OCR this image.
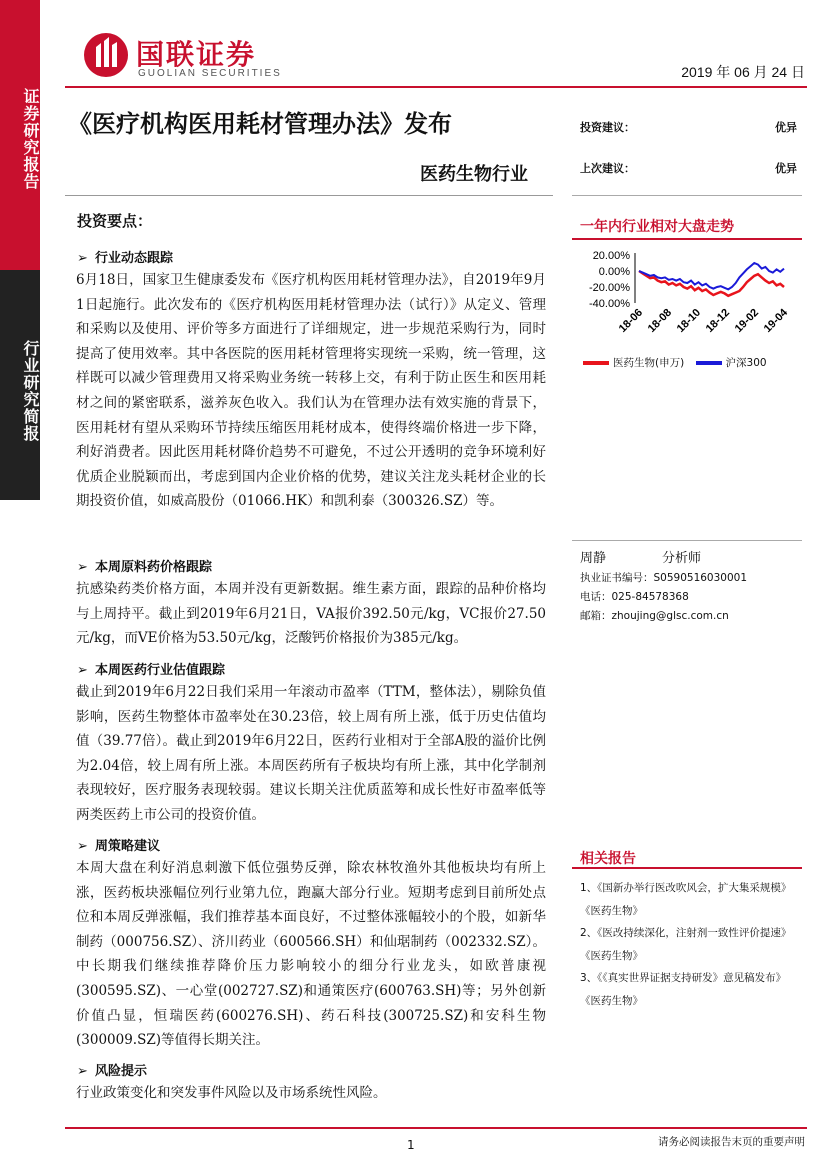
证券研究报告
行业研究简报
国联证券
GUOLIAN SECURITIES	2019 年 06 月 24 日
《医疗机构医用耗材管理办法》发布
医药生物行业
投资建议：	优异
上次建议：	优异
一年内行业相对大盘走势
20.00%
0.00%
-20.00%
-40.00%
18-06 18-08 18-10 18-12 19-02 19-04
医药生物(申万)	沪深300
周静	分析师
执业证书编号：S0590516030001
电话：025-84578368
邮箱：zhoujing@glsc.com.cn
相关报告
1、《国新办举行医改吹风会，扩大集采规模》
《医药生物》
2、《医改持续深化，注射剂一致性评价提速》
《医药生物》
3、《《真实世界证据支持研发》意见稿发布》
《医药生物》
投资要点：
➢ 行业动态跟踪
6月18日，国家卫生健康委发布《医疗机构医用耗材管理办法》，自2019年9月1日起施行。此次发布的《医疗机构医用耗材管理办法（试行）》从定义、管理和采购以及使用、评价等多方面进行了详细规定，进一步规范采购行为，同时提高了使用效率。其中各医院的医用耗材管理将实现统一采购，统一管理，这样既可以减少管理费用又将采购业务统一转移上交，有利于防止医生和医用耗材之间的紧密联系，滋养灰色收入。我们认为在管理办法有效实施的背景下，医用耗材有望从采购环节持续压缩医用耗材成本，使得终端价格进一步下降，利好消费者。因此医用耗材降价趋势不可避免，不过公开透明的竞争环境利好优质企业脱颖而出，考虑到国内企业价格的优势，建议关注龙头耗材企业的长期投资价值，如威高股份（01066.HK）和凯利泰（300326.SZ）等。
➢ 本周原料药价格跟踪
抗感染药类价格方面，本周并没有更新数据。维生素方面，跟踪的品种价格均与上周持平。截止到2019年6月21日，VA报价392.50元/kg，VC报价27.50元/kg，而VE价格为53.50元/kg，泛酸钙价格报价为385元/kg。
➢ 本周医药行业估值跟踪
截止到2019年6月22日我们采用一年滚动市盈率（TTM，整体法），剔除负值影响，医药生物整体市盈率处在30.23倍，较上周有所上涨，低于历史估值均值（39.77倍）。截止到2019年6月22日，医药行业相对于全部A股的溢价比例为2.04倍，较上周有所上涨。本周医药所有子板块均有所上涨，其中化学制剂表现较好，医疗服务表现较弱。建议长期关注优质蓝筹和成长性好市盈率低等两类医药上市公司的投资价值。
➢ 周策略建议
本周大盘在利好消息刺激下低位强势反弹，除农林牧渔外其他板块均有所上涨，医药板块涨幅位列行业第九位，跑赢大部分行业。短期考虑到目前所处点位和本周反弹涨幅，我们推荐基本面良好，不过整体涨幅较小的个股，如新华制药（000756.SZ）、济川药业（600566.SH）和仙琚制药（002332.SZ）。中长期我们继续推荐降价压力影响较小的细分行业龙头，如欧普康视(300595.SZ)、一心堂(002727.SZ)和通策医疗(600763.SH)等；另外创新价值凸显，恒瑞医药(600276.SH)、药石科技(300725.SZ)和安科生物(300009.SZ)等值得长期关注。
➢ 风险提示
行业政策变化和突发事件风险以及市场系统性风险。
1	请务必阅读报告末页的重要声明
